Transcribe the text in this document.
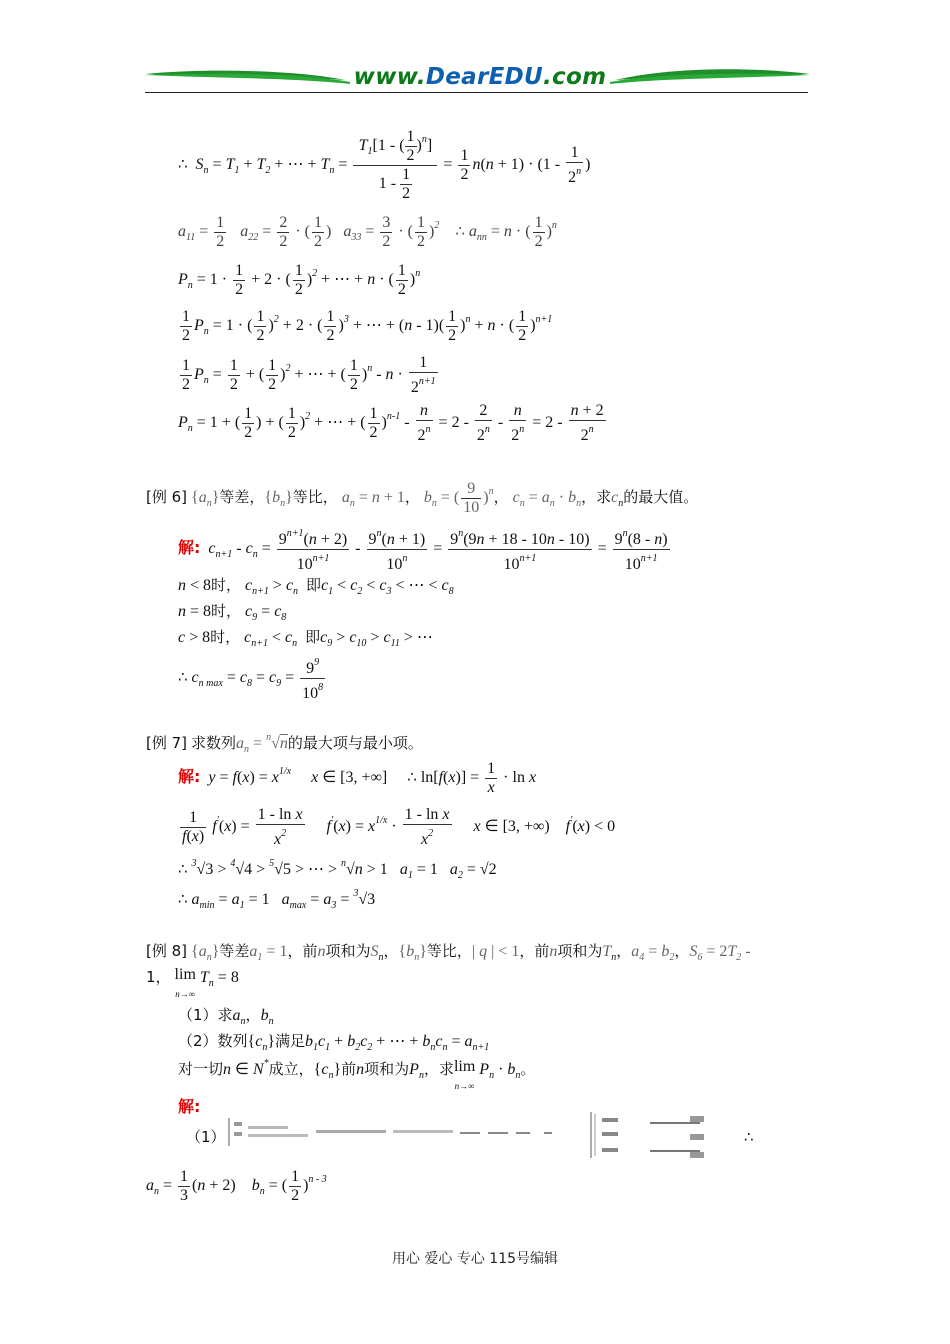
www.DearEDU.com
∴ $S_n = T_1 + T_2$ + ⋯ + $T_n = \frac{T_1[1 - ( \frac{1}{2} )^n]}{1 - \frac{1}{2}} = \frac{1}{2} n(n + 1) \cdot (1 - \frac{1}{2^n}$ )
$a_{11} = \frac{1}{2} a_{22} = \frac{2}{2}$ · ( $\frac{1}{2}$ )   $a_{33} = \frac{3}{2}$ · ( $\frac{1}{2} )^2$ ∴ $a_{nn} = n$ · ( $\frac{1}{2} )^n$
$P_n = 1 \cdot \frac{1}{2} + 2$ · ( $\frac{1}{2} )^2$ + ⋯ + n · ( $\frac{1}{2} )^n$
$\frac{1}{2} P_n = 1$ · ( $\frac{1}{2} )^2 + 2$ · ( $\frac{1}{2} )^3$ + ⋯ + $(n - 1)( \frac{1}{2} )^n + n$ · ( $\frac{1}{2} )^{n+1}$
$\frac{1}{2} P_n = \frac{1}{2}$ + ( $\frac{1}{2} )^2$ + ⋯ + ( $\frac{1}{2} )^n - n \cdot \frac{1}{2^{n+1}}$
$P_n = 1$ + ( $\frac{1}{2}$ ) + ( $\frac{1}{2} )^2$ + ⋯ + ( $\frac{1}{2} )^{n-1} - \frac{n}{2^n} = 2 - \frac{2}{2^n} - \frac{n}{2^n} = 2 - \frac{n + 2}{2^n}$
[例 6] $\{a_n\}$等差，$\{b_n\}$等比， $a_n = n + 1$， $b_n$ = ( $\frac{9}{10} )^n$， $c_n = a_n \cdot b_n$，求$c_n$的最大值。
解: $c_{n+1} - c_n = \frac{9^{n+1}(n + 2)}{10^{n+1}} - \frac{9^n(n + 1)}{10^n} = \frac{9^n(9n + 18 - 10n - 10)}{10^{n+1}} = \frac{9^n(8 - n)}{10^{n+1}}$
n < 8时， $c_{n+1} > c_n$ 即$c_1 < c_2 < c_3$ < ⋯ < $c_8$
n = 8时， $c_9 = c_8$
c > 8时， $c_{n+1} < c_n$ 即$c_9 > c_{10} > c_{11}$ > ⋯
∴ $c_{n max} = c_8 = c_9 = \frac{9^9}{10^8}$
[例 7] 求数列$a_n = ^n√n$的最大项与最小项。
解: $y = f(x) = x^{1/x}$ x ∈ [3, +∞]     ∴ $\ln[f(x)] = \frac{1}{x} \cdot \ln x$
$\frac{1}{f(x)} f'(x) = \frac{\text{1 - ln x}}{x^2} f'(x) = x^{1/x} \cdot \frac{\text{1 - ln x}}{x^2}$ x ∈ [3, +∞)    f′(x) < 0
∴ $^3$√3 > $^4$√4 > $^5$√5 > ⋯ > $^n$√n > 1   $a_1 = 1$   $a_2 = √2$
∴ $a_{min} = a_1 = 1$   $a_{max} = a_3 = ^3√3$
[例 8] $\{a_n\}$等差$a_1 = 1$，前n项和为$S_n$，$\{b_n\}$等比，| q | < 1，前n项和为$T_n$，$a_4 = b_2$，$S_6 = 2T_2$ -
1， lim
n→∞ $T_n = 8$
（1）求$a_n$，$b_n$
（2）数列$\{c_n\}$满足$b_1c_1 + b_2c_2$ + ⋯ + $b_nc_n = a_{n+1}$
对一切n ∈ N*成立，$\{c_n\}$前n项和为$P_n$，求lim
n→∞ $P_n \cdot b_n$。
解:
（1）	∴
$a_n = \frac{1}{3} (n + 2)$    $b_n$ = ( $\frac{1}{2} )^{n - 3}$
用心 爱心 专心 115号编辑
